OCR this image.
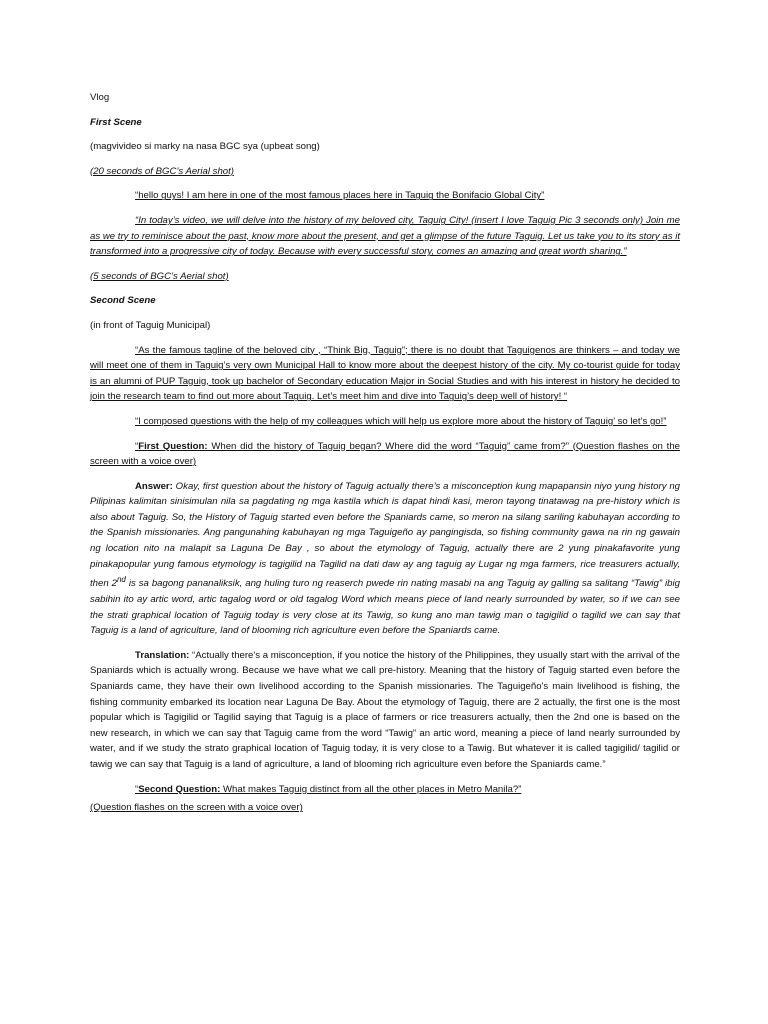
Vlog

First Scene

(magvivideo si marky na nasa BGC sya (upbeat song)

(20 seconds of BGC’s Aerial shot)

“hello guys! I am here in one of the most famous places here in Taguig the Bonifacio Global City”

“In today’s video, we will delve into the history of my beloved city, Taguig City! (insert I love Taguig Pic 3 seconds only) Join me as we try to reminisce about the past, know more about the present, and get a glimpse of the future Taguig. Let us take you to its story as it transformed into a progressive city of today. Because with every successful story, comes an amazing and great worth sharing.”

(5 seconds of BGC’s Aerial shot)

Second Scene

(in front of Taguig Municipal)

“As the famous tagline of the beloved city , “Think Big, Taguig”; there is no doubt that Taguigenos are thinkers – and today we will meet one of them in Taguig’s very own Municipal Hall to know more about the deepest history of the city. My co-tourist guide for today is an alumni of PUP Taguig, took up bachelor of Secondary education Major in Social Studies and with his interest in history he decided to join the research team to find out more about Taguig. Let’s meet him and dive into Taguig’s deep well of history! “

“I composed questions with the help of my colleagues which will help us explore more about the history of Taguig’ so let’s go!”

“First Question: When did the history of Taguig began? Where did the word “Taguig” came from?” (Question flashes on the screen with a voice over)

Answer: Okay, first question about the history of Taguig actually there’s a misconception kung mapapansin niyo yung history ng Pilipinas kalimitan sinisimulan nila sa pagdating ng mga kastila which is dapat hindi kasi, meron tayong tinatawag na pre-history which is also about Taguig. So, the History of Taguig started even before the Spaniards came, so meron na silang sariling kabuhayan according to the Spanish missionaries. Ang pangunahing kabuhayan ng mga Taguigeño ay pangingisda, so fishing community gawa na rin ng gawain ng location nito na malapit sa Laguna De Bay , so about the etymology of Taguig, actually there are 2 yung pinakafavorite yung pinakapopular yung famous etymology is tagigilid na Tagilid na dati daw ay ang taguig ay Lugar ng mga farmers, rice treasurers actually, then 2nd is sa bagong pananaliksik, ang huling turo ng reaserch pwede rin nating masabi na ang Taguig ay galling sa salitang “Tawig” ibig sabihin ito ay artic word, artic tagalog word or old tagalog Word which means piece of land nearly surrounded by water, so if we can see the strati graphical location of Taguig today is very close at its Tawig, so kung ano man tawig man o tagigilid o tagilid we can say that Taguig is a land of agriculture, land of blooming rich agriculture even before the Spaniards came.

Translation: “Actually there's a misconception, if you notice the history of the Philippines, they usually start with the arrival of the Spaniards which is actually wrong. Because we have what we call pre-history. Meaning that the history of Taguig started even before the Spaniards came, they have their own livelihood according to the Spanish missionaries. The Taguigeño's main livelihood is fishing, the fishing community embarked its location near Laguna De Bay. About the etymology of Taguig, there are 2 actually, the first one is the most popular which is Tagigilid or Tagilid saying that Taguig is a place of farmers or rice treasurers actually, then the 2nd one is based on the new research, in which we can say that Taguig came from the word “Tawig” an artic word, meaning a piece of land nearly surrounded by water, and if we study the strato graphical location of Taguig today, it is very close to a Tawig. But whatever it is called tagigilid/ tagilid or tawig we can say that Taguig is a land of agriculture, a land of blooming rich agriculture even before the Spaniards came.”

“Second Question: What makes Taguig distinct from all the other places in Metro Manila?”

(Question flashes on the screen with a voice over)
